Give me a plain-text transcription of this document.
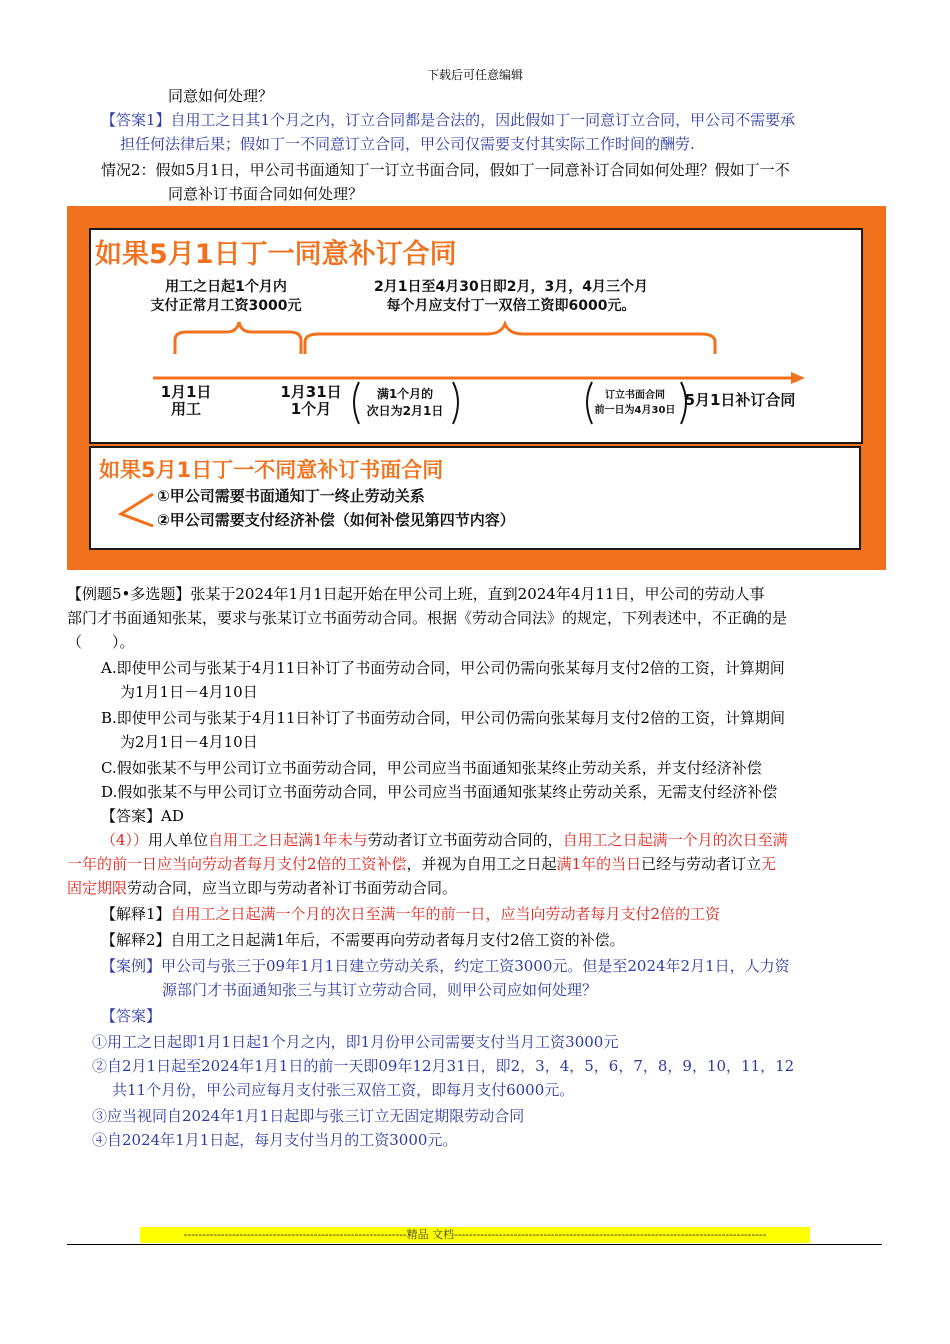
下载后可任意编辑
同意如何处理？
【答案1】自用工之日其1个月之内，订立合同都是合法的，因此假如丁一同意订立合同，甲公司不需要承
担任何法律后果；假如丁一不同意订立合同，甲公司仅需要支付其实际工作时间的酬劳.
情况2：假如5月1日，甲公司书面通知丁一订立书面合同，假如丁一同意补订合同如何处理？假如丁一不
同意补订书面合同如何处理？
如果5月1日丁一同意补订合同
用工之日起1个月内
支付正常月工资3000元
2月1日至4月30日即2月，3月，4月三个月
每个月应支付丁一双倍工资即6000元。
1月1日
用工
1月31日
1个月
满1个月的
次日为2月1日
订立书面合同
前一日为4月30日
5月1日补订合同
如果5月1日丁一不同意补订书面合同
①甲公司需要书面通知丁一终止劳动关系
②甲公司需要支付经济补偿（如何补偿见第四节内容）
【例题5•多选题】张某于2024年1月1日起开始在甲公司上班，直到2024年4月11日，甲公司的劳动人事
部门才书面通知张某，要求与张某订立书面劳动合同。根据《劳动合同法》的规定，下列表述中，不正确的是
（　　）。
A.即使甲公司与张某于4月11日补订了书面劳动合同，甲公司仍需向张某每月支付2倍的工资，计算期间
为1月1日－4月10日
B.即使甲公司与张某于4月11日补订了书面劳动合同，甲公司仍需向张某每月支付2倍的工资，计算期间
为2月1日－4月10日
C.假如张某不与甲公司订立书面劳动合同，甲公司应当书面通知张某终止劳动关系，并支付经济补偿
D.假如张某不与甲公司订立书面劳动合同，甲公司应当书面通知张某终止劳动关系，无需支付经济补偿
【答案】AD
（4））用人单位自用工之日起满1年未与劳动者订立书面劳动合同的，自用工之日起满一个月的次日至满
一年的前一日应当向劳动者每月支付2倍的工资补偿，并视为自用工之日起满1年的当日已经与劳动者订立无
固定期限劳动合同，应当立即与劳动者补订书面劳动合同。
【解释1】自用工之日起满一个月的次日至满一年的前一日，应当向劳动者每月支付2倍的工资
【解释2】自用工之日起满1年后，不需要再向劳动者每月支付2倍工资的补偿。
【案例】甲公司与张三于09年1月1日建立劳动关系，约定工资3000元。但是至2024年2月1日，人力资
源部门才书面通知张三与其订立劳动合同，则甲公司应如何处理？
【答案】
①用工之日起即1月1日起1个月之内，即1月份甲公司需要支付当月工资3000元
②自2月1日起至2024年1月1日的前一天即09年12月31日，即2，3，4，5，6，7，8，9，10，11，12
共11个月份，甲公司应每月支付张三双倍工资，即每月支付6000元。
③应当视同自2024年1月1日起即与张三订立无固定期限劳动合同
④自2024年1月1日起，每月支付当月的工资3000元。
------------------------------------------------------------精品 文档------------------------------------------------------------------------------------
